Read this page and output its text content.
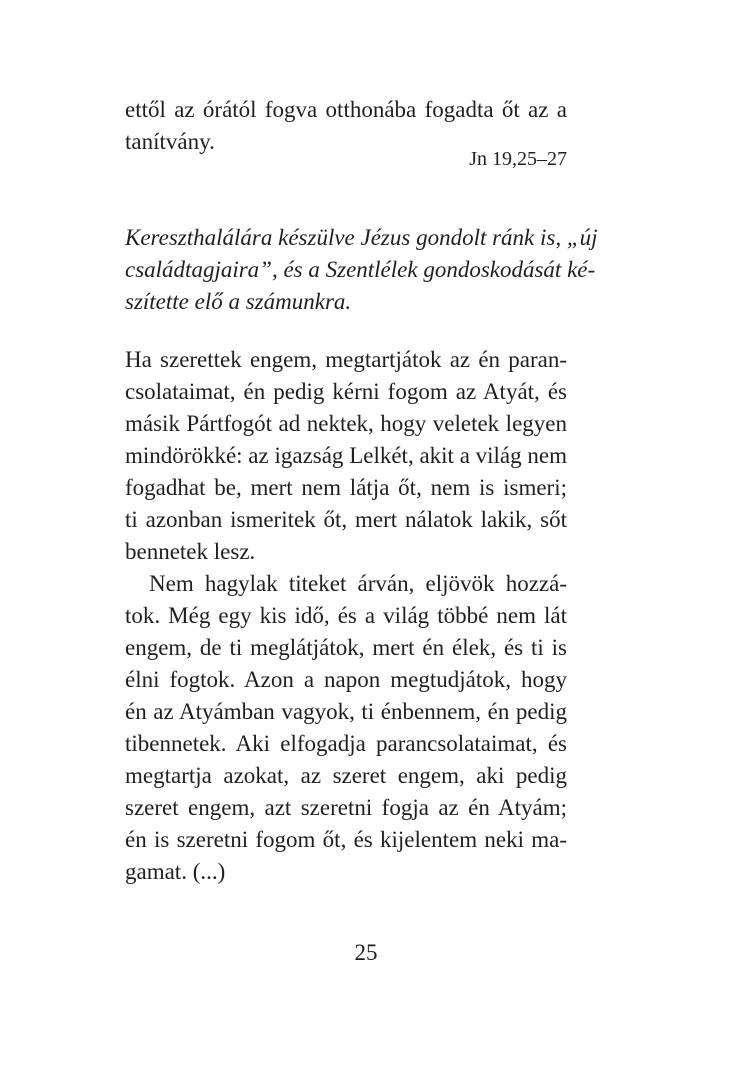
ettől az órától fogva otthonába fogadta őt az a

tanítvány.

Jn 19,25–27

Kereszthalálára készülve Jézus gondolt ránk is, „új

családtagjaira”, és a Szentlélek gondoskodását ké-

szítette elő a számunkra.

Ha szerettek engem, megtartjátok az én paran-

csolataimat, én pedig kérni fogom az Atyát, és

másik Pártfogót ad nektek, hogy veletek legyen

mindörökké: az igazság Lelkét, akit a világ nem

fogadhat be, mert nem látja őt, nem is ismeri;

ti azonban ismeritek őt, mert nálatok lakik, sőt

bennetek lesz.

Nem hagylak titeket árván, eljövök hozzá-

tok. Még egy kis idő, és a világ többé nem lát

engem, de ti meglátjátok, mert én élek, és ti is

élni fogtok. Azon a napon megtudjátok, hogy

én az Atyámban vagyok, ti énbennem, én pedig

tibennetek. Aki elfogadja parancsolataimat, és

megtartja azokat, az szeret engem, aki pedig

szeret engem, azt szeretni fogja az én Atyám;

én is szeretni fogom őt, és kijelentem neki ma-

gamat. (...)

25
